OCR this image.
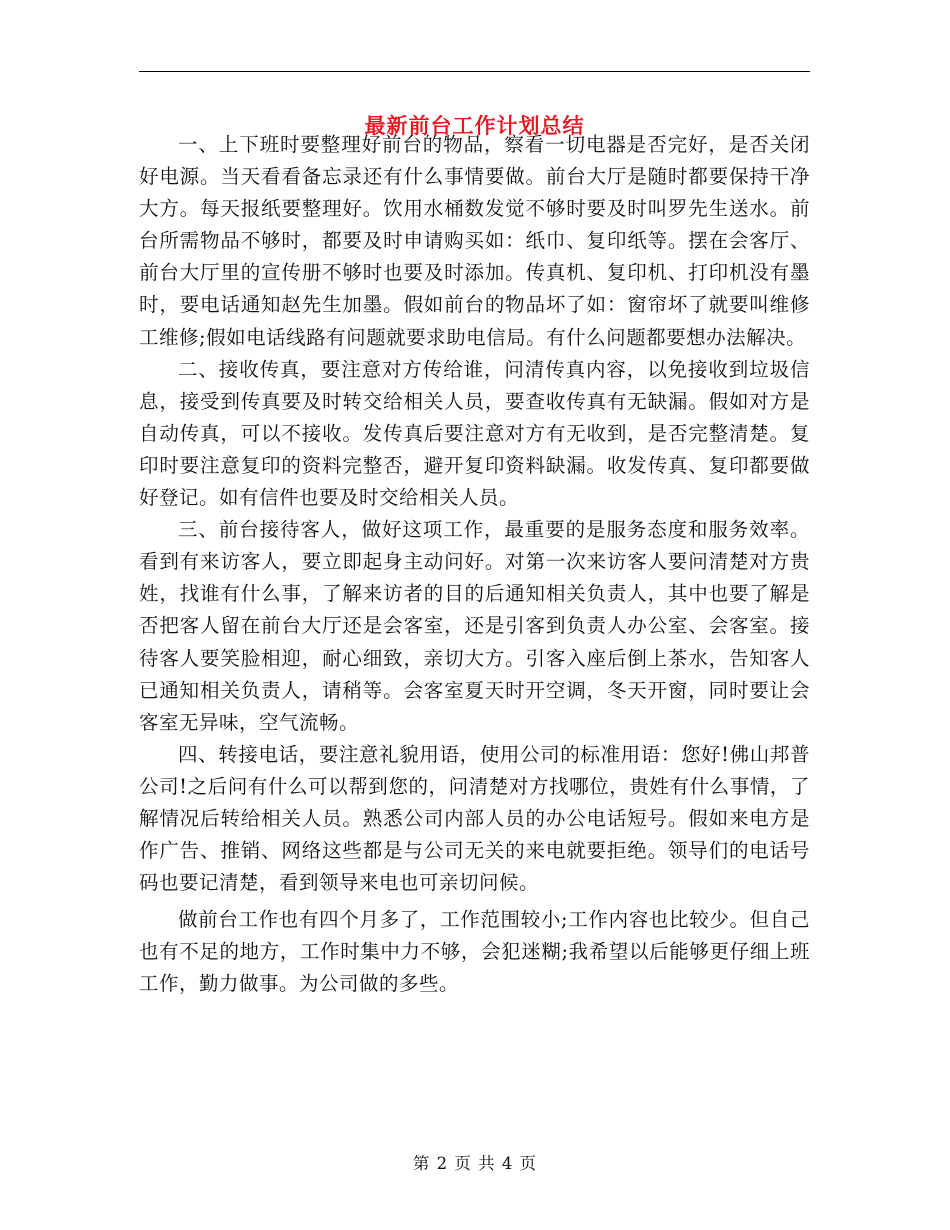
最新前台工作计划总结

一、上下班时要整理好前台的物品，察看一切电器是否完好，是否关闭好电源。当天看看备忘录还有什么事情要做。前台大厅是随时都要保持干净大方。每天报纸要整理好。饮用水桶数发觉不够时要及时叫罗先生送水。前台所需物品不够时，都要及时申请购买如：纸巾、复印纸等。摆在会客厅、前台大厅里的宣传册不够时也要及时添加。传真机、复印机、打印机没有墨时，要电话通知赵先生加墨。假如前台的物品坏了如：窗帘坏了就要叫维修工维修;假如电话线路有问题就要求助电信局。有什么问题都要想办法解决。

二、接收传真，要注意对方传给谁，问清传真内容，以免接收到垃圾信息，接受到传真要及时转交给相关人员，要查收传真有无缺漏。假如对方是自动传真，可以不接收。发传真后要注意对方有无收到，是否完整清楚。复印时要注意复印的资料完整否，避开复印资料缺漏。收发传真、复印都要做好登记。如有信件也要及时交给相关人员。

三、前台接待客人，做好这项工作，最重要的是服务态度和服务效率。看到有来访客人，要立即起身主动问好。对第一次来访客人要问清楚对方贵姓，找谁有什么事，了解来访者的目的后通知相关负责人，其中也要了解是否把客人留在前台大厅还是会客室，还是引客到负责人办公室、会客室。接待客人要笑脸相迎，耐心细致，亲切大方。引客入座后倒上茶水，告知客人已通知相关负责人，请稍等。会客室夏天时开空调，冬天开窗，同时要让会客室无异味，空气流畅。

四、转接电话，要注意礼貌用语，使用公司的标准用语：您好!佛山邦普公司!之后问有什么可以帮到您的，问清楚对方找哪位，贵姓有什么事情，了解情况后转给相关人员。熟悉公司内部人员的办公电话短号。假如来电方是作广告、推销、网络这些都是与公司无关的来电就要拒绝。领导们的电话号码也要记清楚，看到领导来电也可亲切问候。

做前台工作也有四个月多了，工作范围较小;工作内容也比较少。但自己也有不足的地方，工作时集中力不够，会犯迷糊;我希望以后能够更仔细上班工作，勤力做事。为公司做的多些。

第 2 页 共 4 页
